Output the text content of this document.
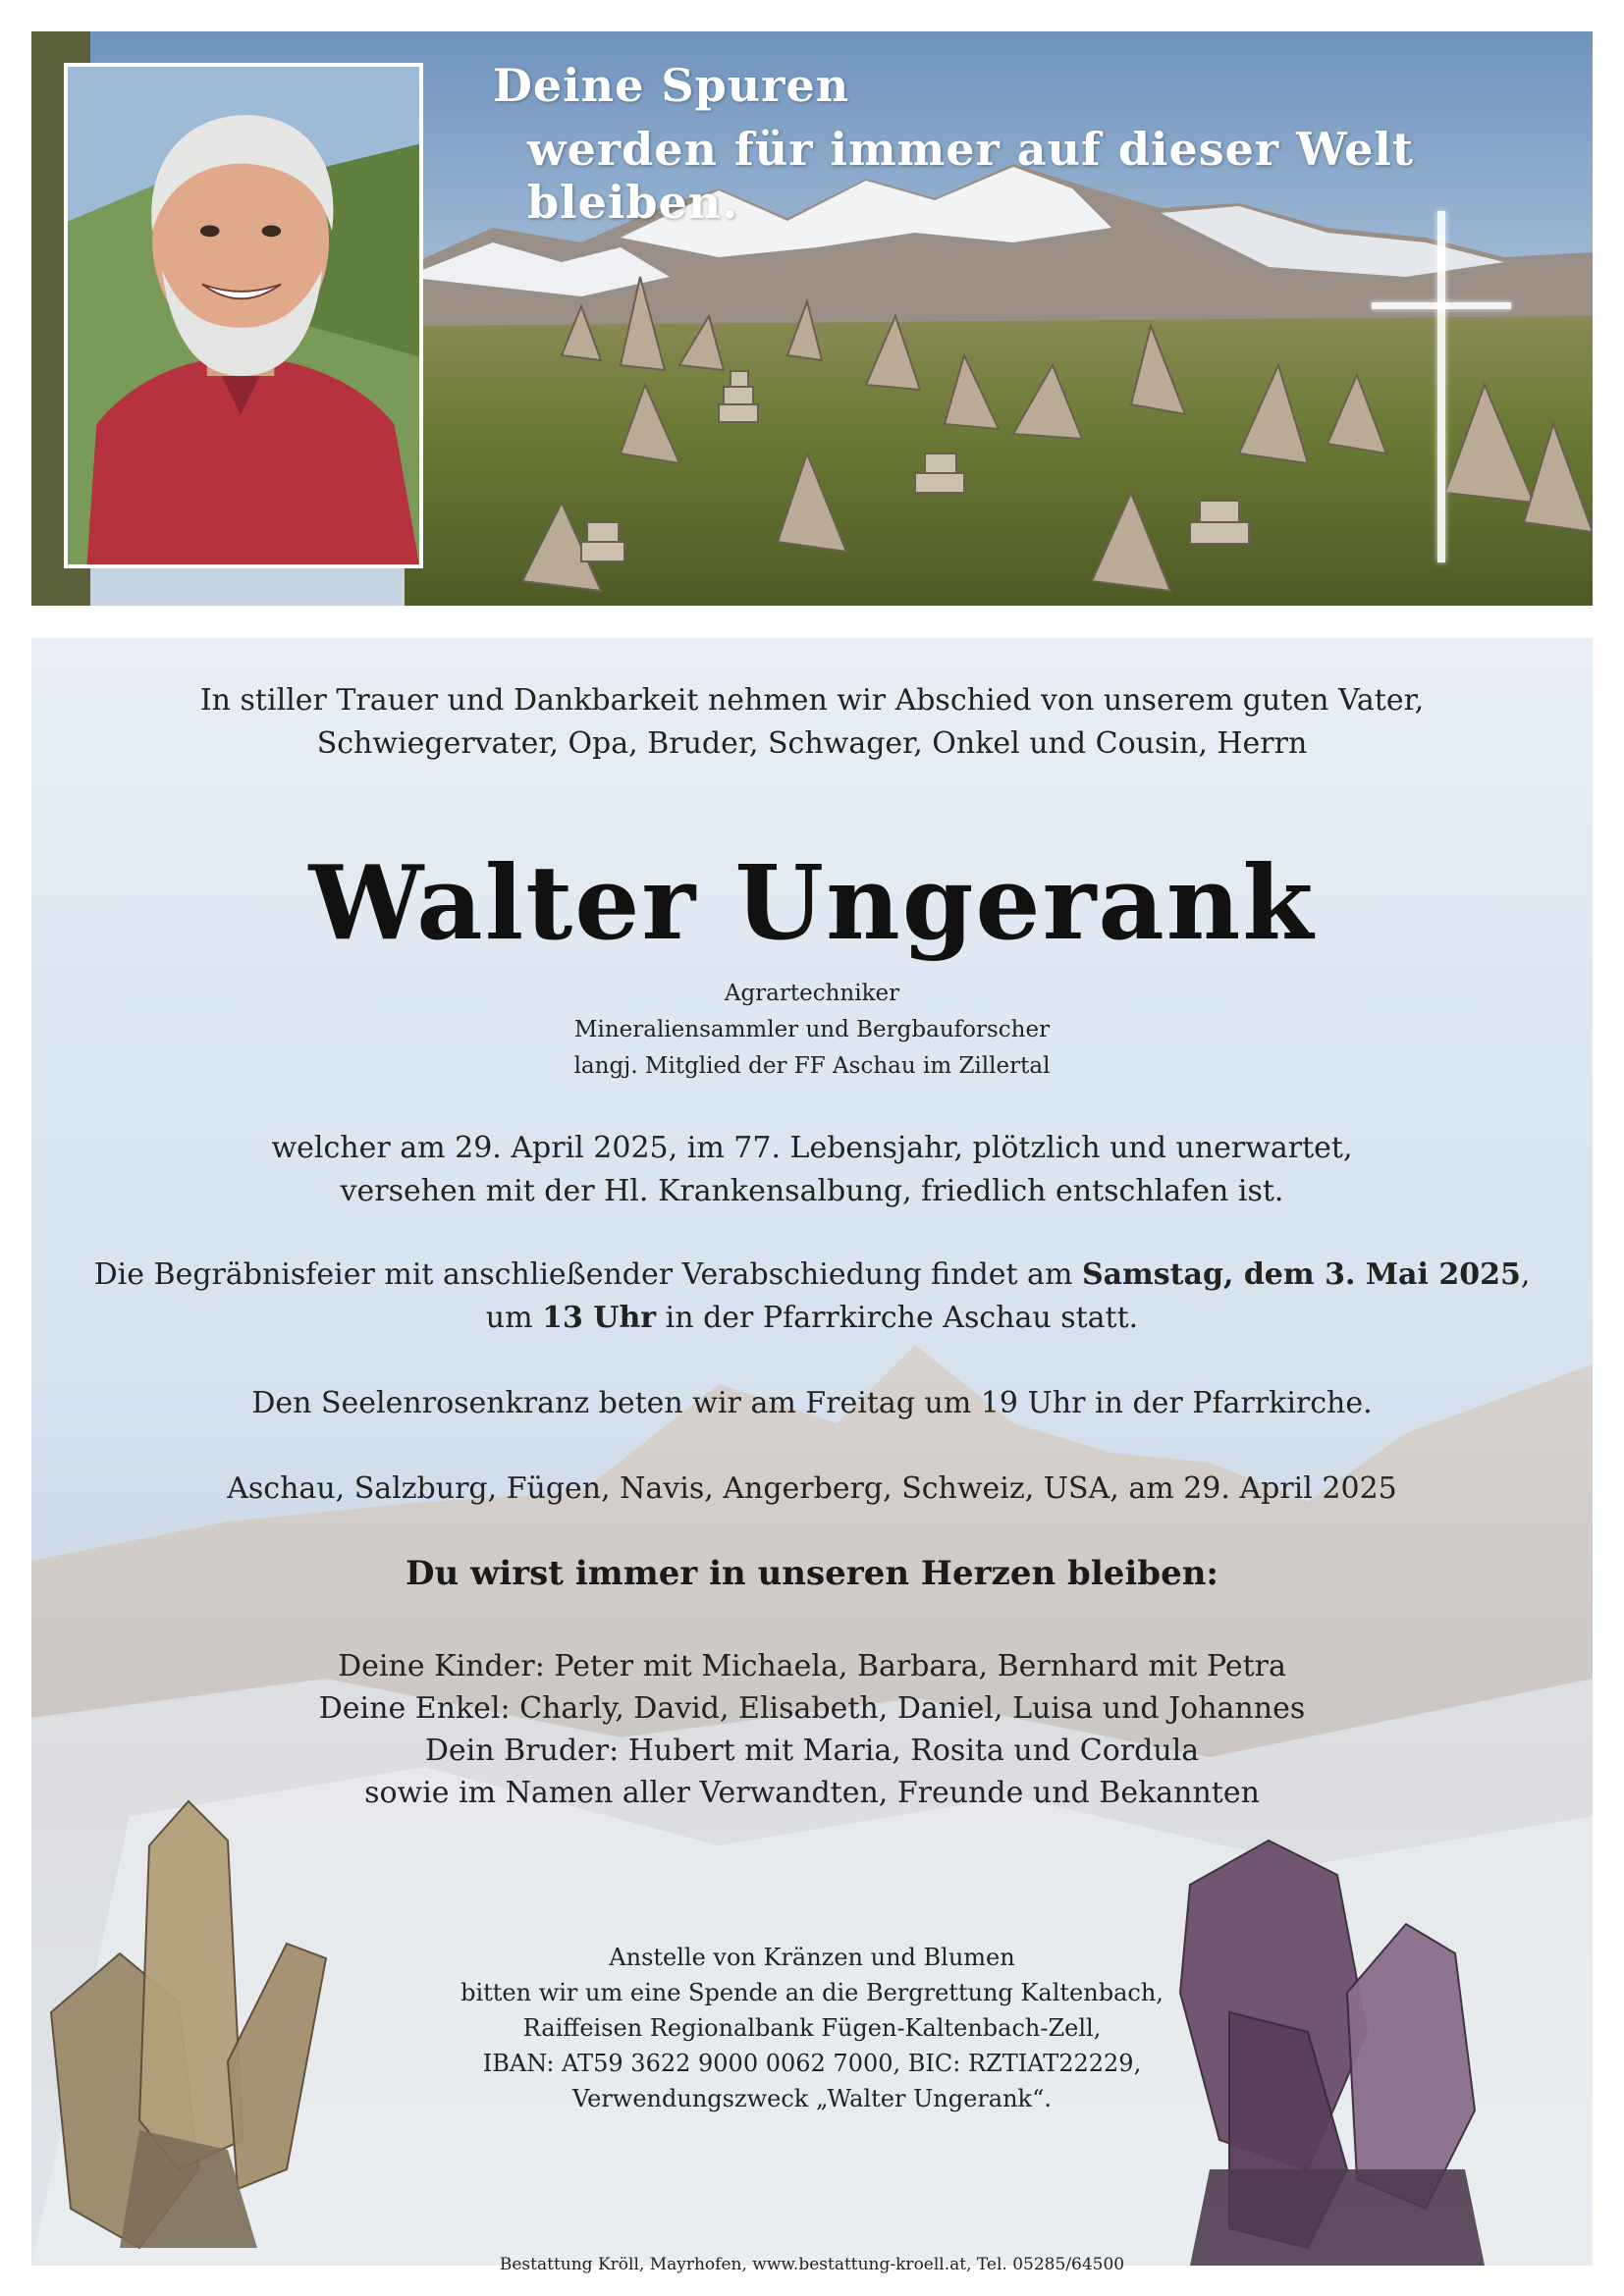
Deine Spuren
werden für immer auf dieser Welt bleiben.
In stiller Trauer und Dankbarkeit nehmen wir Abschied von unserem guten Vater,
Schwiegervater, Opa, Bruder, Schwager, Onkel und Cousin, Herrn
Walter Ungerank
Agrartechniker
Mineraliensammler und Bergbauforscher
langj. Mitglied der FF Aschau im Zillertal
welcher am 29. April 2025, im 77. Lebensjahr, plötzlich und unerwartet,
versehen mit der Hl. Krankensalbung, friedlich entschlafen ist.
Die Begräbnisfeier mit anschließender Verabschiedung findet am Samstag, dem 3. Mai 2025,
um 13 Uhr in der Pfarrkirche Aschau statt.
Den Seelenrosenkranz beten wir am Freitag um 19 Uhr in der Pfarrkirche.
Aschau, Salzburg, Fügen, Navis, Angerberg, Schweiz, USA, am 29. April 2025
Du wirst immer in unseren Herzen bleiben:
Deine Kinder: Peter mit Michaela, Barbara, Bernhard mit Petra
Deine Enkel: Charly, David, Elisabeth, Daniel, Luisa und Johannes
Dein Bruder: Hubert mit Maria, Rosita und Cordula
sowie im Namen aller Verwandten, Freunde und Bekannten
Anstelle von Kränzen und Blumen
bitten wir um eine Spende an die Bergrettung Kaltenbach,
Raiffeisen Regionalbank Fügen-Kaltenbach-Zell,
IBAN: AT59 3622 9000 0062 7000, BIC: RZTIAT22229,
Verwendungszweck „Walter Ungerank“.
Bestattung Kröll, Mayrhofen, www.bestattung-kroell.at, Tel. 05285/64500
